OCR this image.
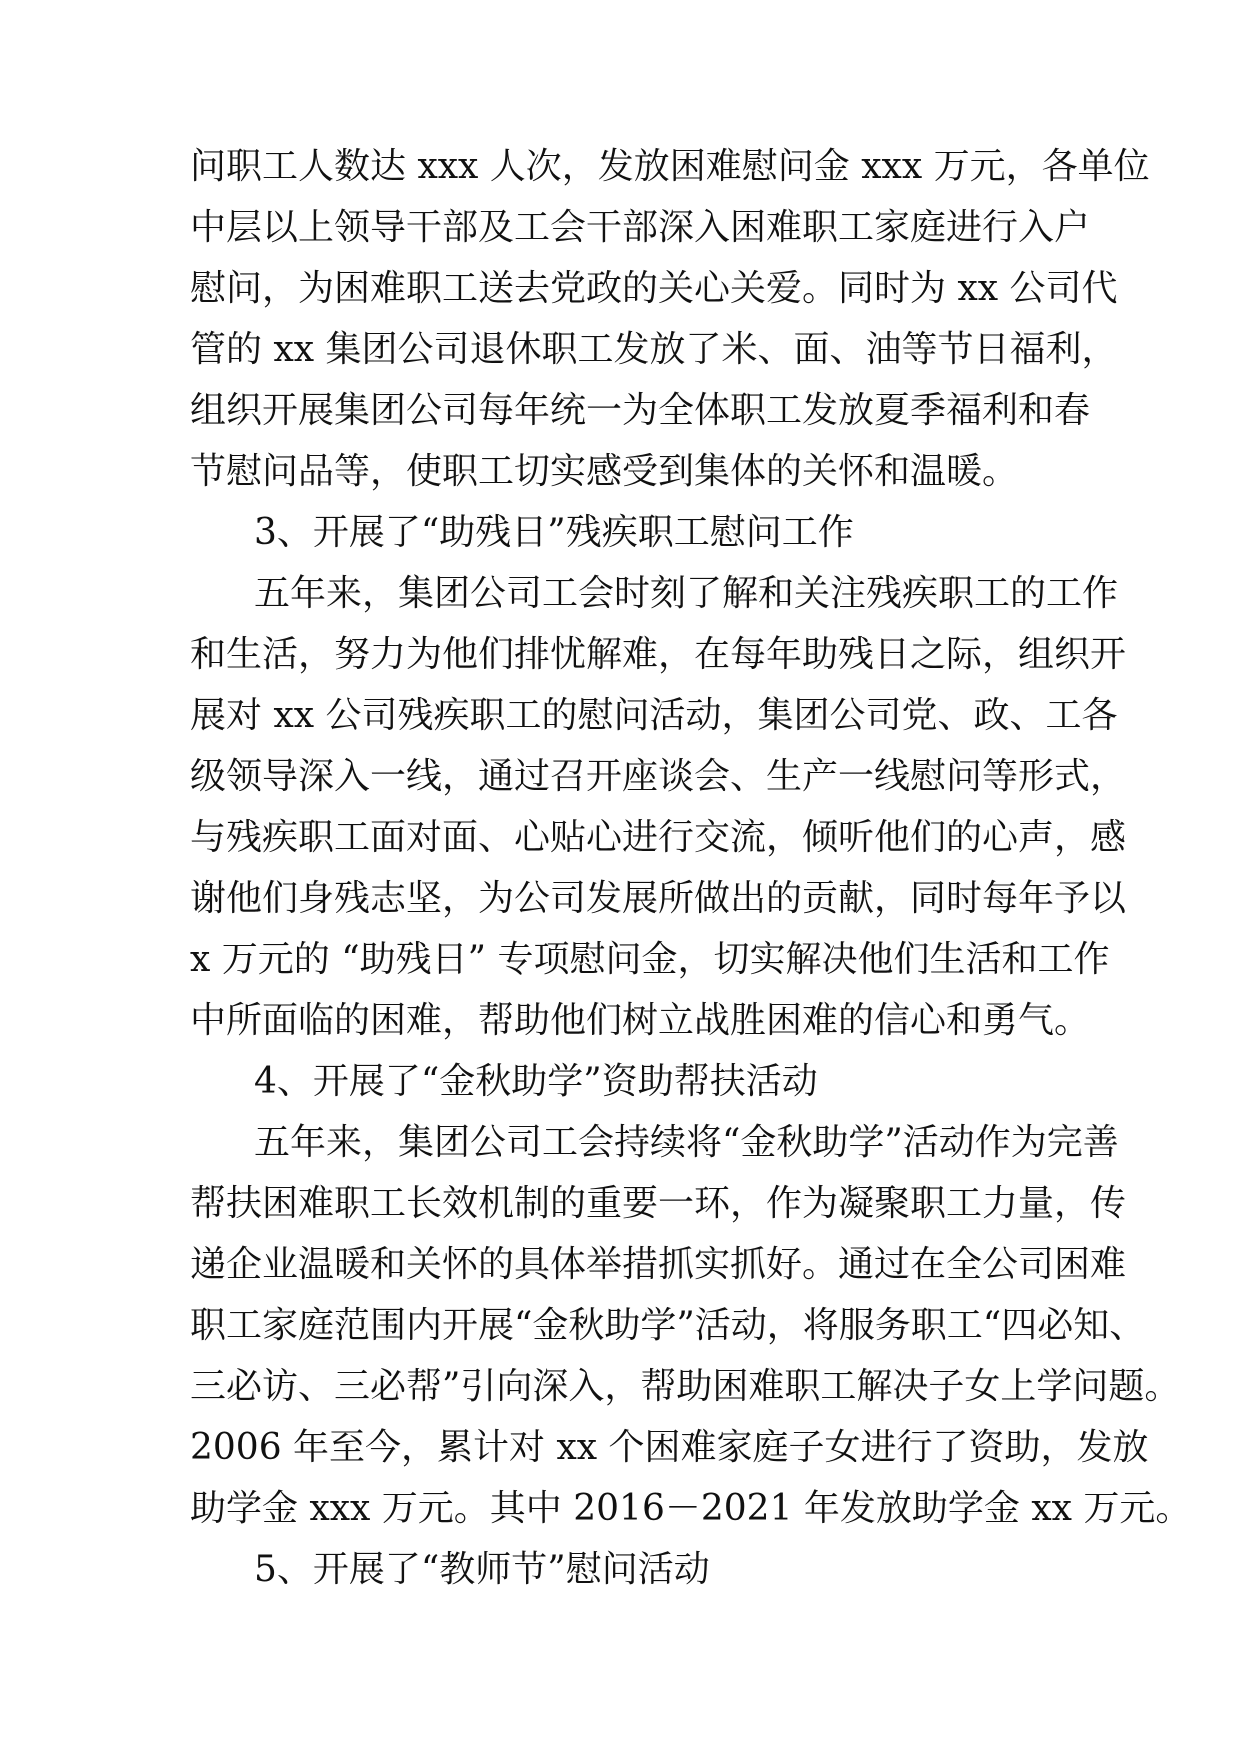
问职工人数达 xxx 人次，发放困难慰问金 xxx 万元，各单位
中层以上领导干部及工会干部深入困难职工家庭进行入户
慰问，为困难职工送去党政的关心关爱。同时为 xx 公司代
管的 xx 集团公司退休职工发放了米、面、油等节日福利，
组织开展集团公司每年统一为全体职工发放夏季福利和春
节慰问品等，使职工切实感受到集体的关怀和温暖。
3、开展了“助残日”残疾职工慰问工作
五年来，集团公司工会时刻了解和关注残疾职工的工作
和生活，努力为他们排忧解难，在每年助残日之际，组织开
展对 xx 公司残疾职工的慰问活动，集团公司党、政、工各
级领导深入一线，通过召开座谈会、生产一线慰问等形式，
与残疾职工面对面、心贴心进行交流，倾听他们的心声，感
谢他们身残志坚，为公司发展所做出的贡献，同时每年予以
x 万元的 “助残日” 专项慰问金，切实解决他们生活和工作
中所面临的困难，帮助他们树立战胜困难的信心和勇气。
4、开展了“金秋助学”资助帮扶活动
五年来，集团公司工会持续将“金秋助学”活动作为完善
帮扶困难职工长效机制的重要一环，作为凝聚职工力量，传
递企业温暖和关怀的具体举措抓实抓好。通过在全公司困难
职工家庭范围内开展“金秋助学”活动，将服务职工“四必知、
三必访、三必帮”引向深入，帮助困难职工解决子女上学问题。
2006 年至今，累计对 xx 个困难家庭子女进行了资助，发放
助学金 xxx 万元。其中 2016－2021 年发放助学金 xx 万元。
5、开展了“教师节”慰问活动
